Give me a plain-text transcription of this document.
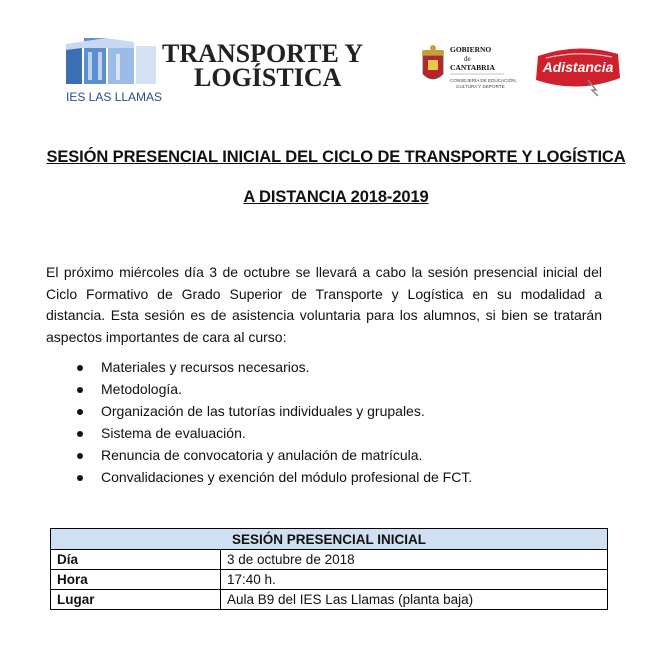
TRANSPORTE Y
LOGÍSTICA
IES LAS LLAMAS
GOBIERNO
de
CANTABRIA
CONSEJERÍA DE EDUCACIÓN,
CULTURA Y DEPORTE
Adistancia
SESIÓN PRESENCIAL INICIAL DEL CICLO DE TRANSPORTE Y LOGÍSTICA
A DISTANCIA 2018-2019

El próximo miércoles día 3 de octubre se llevará a cabo la sesión presencial inicial del Ciclo Formativo de Grado Superior de Transporte y Logística en su modalidad a distancia. Esta sesión es de asistencia voluntaria para los alumnos, si bien se tratarán aspectos importantes de cara al curso:

Materiales y recursos necesarios.
Metodología.
Organización de las tutorías individuales y grupales.
Sistema de evaluación.
Renuncia de convocatoria y anulación de matrícula.
Convalidaciones y exención del módulo profesional de FCT.
SESIÓN PRESENCIAL INICIAL	
Día	3 de octubre de 2018
Hora	17:40 h.
Lugar	Aula B9 del IES Las Llamas (planta baja)
